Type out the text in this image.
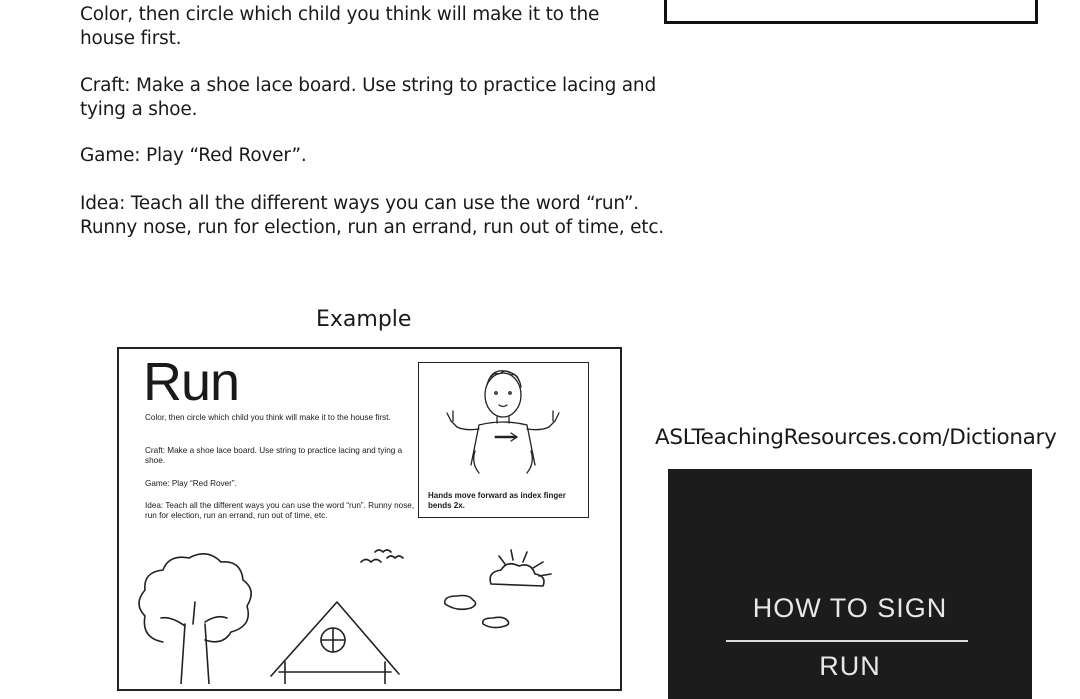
Color, then circle which child you think will make it to the

house first.

Craft: Make a shoe lace board. Use string to practice lacing and

tying a shoe.

Game: Play “Red Rover”.

Idea: Teach all the different ways you can use the word “run”.

Runny nose, run for election, run an errand, run out of time, etc.

Example
Run
Color, then circle which child you think will make it to the house first.
Craft: Make a shoe lace board. Use string to practice lacing and tying a shoe.
Game: Play “Red Rover”.
Idea: Teach all the different ways you can use the word “run”. Runny nose, run for election, run an errand, run out of time, etc.
Hands move forward as index finger bends 2x.
ASLTeachingResources.com/Dictionary
HOW TO SIGN
RUN
